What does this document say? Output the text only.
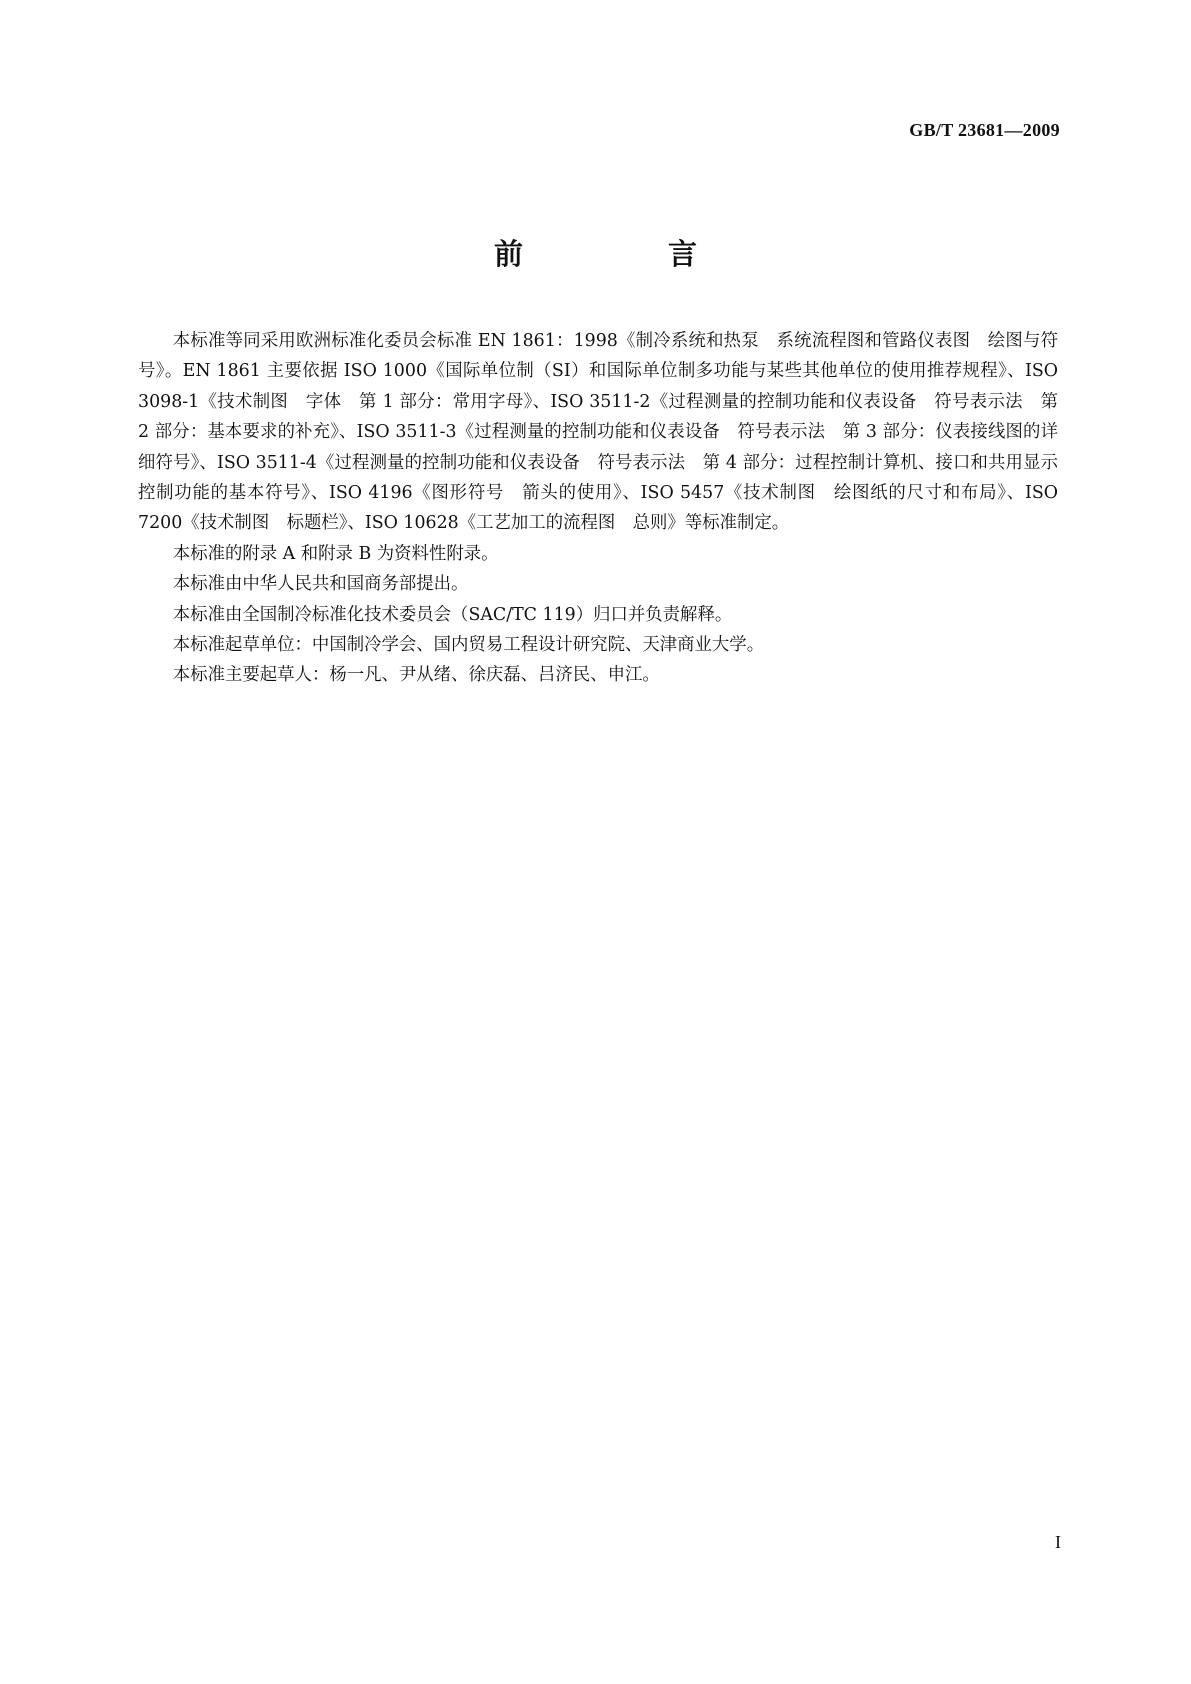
GB/T 23681—2009
前　言

本标准等同采用欧洲标准化委员会标准 EN 1861：1998《制冷系统和热泵　系统流程图和管路仪表图　绘图与符号》。EN 1861 主要依据 ISO 1000《国际单位制（SI）和国际单位制多功能与某些其他单位的使用推荐规程》、ISO 3098-1《技术制图　字体　第 1 部分：常用字母》、ISO 3511-2《过程测量的控制功能和仪表设备　符号表示法　第 2 部分：基本要求的补充》、ISO 3511-3《过程测量的控制功能和仪表设备　符号表示法　第 3 部分：仪表接线图的详细符号》、ISO 3511-4《过程测量的控制功能和仪表设备　符号表示法　第 4 部分：过程控制计算机、接口和共用显示控制功能的基本符号》、ISO 4196《图形符号　箭头的使用》、ISO 5457《技术制图　绘图纸的尺寸和布局》、ISO 7200《技术制图　标题栏》、ISO 10628《工艺加工的流程图　总则》等标准制定。

本标准的附录 A 和附录 B 为资料性附录。

本标准由中华人民共和国商务部提出。

本标准由全国制冷标准化技术委员会（SAC/TC 119）归口并负责解释。

本标准起草单位：中国制冷学会、国内贸易工程设计研究院、天津商业大学。

本标准主要起草人：杨一凡、尹从绪、徐庆磊、吕济民、申江。

I
